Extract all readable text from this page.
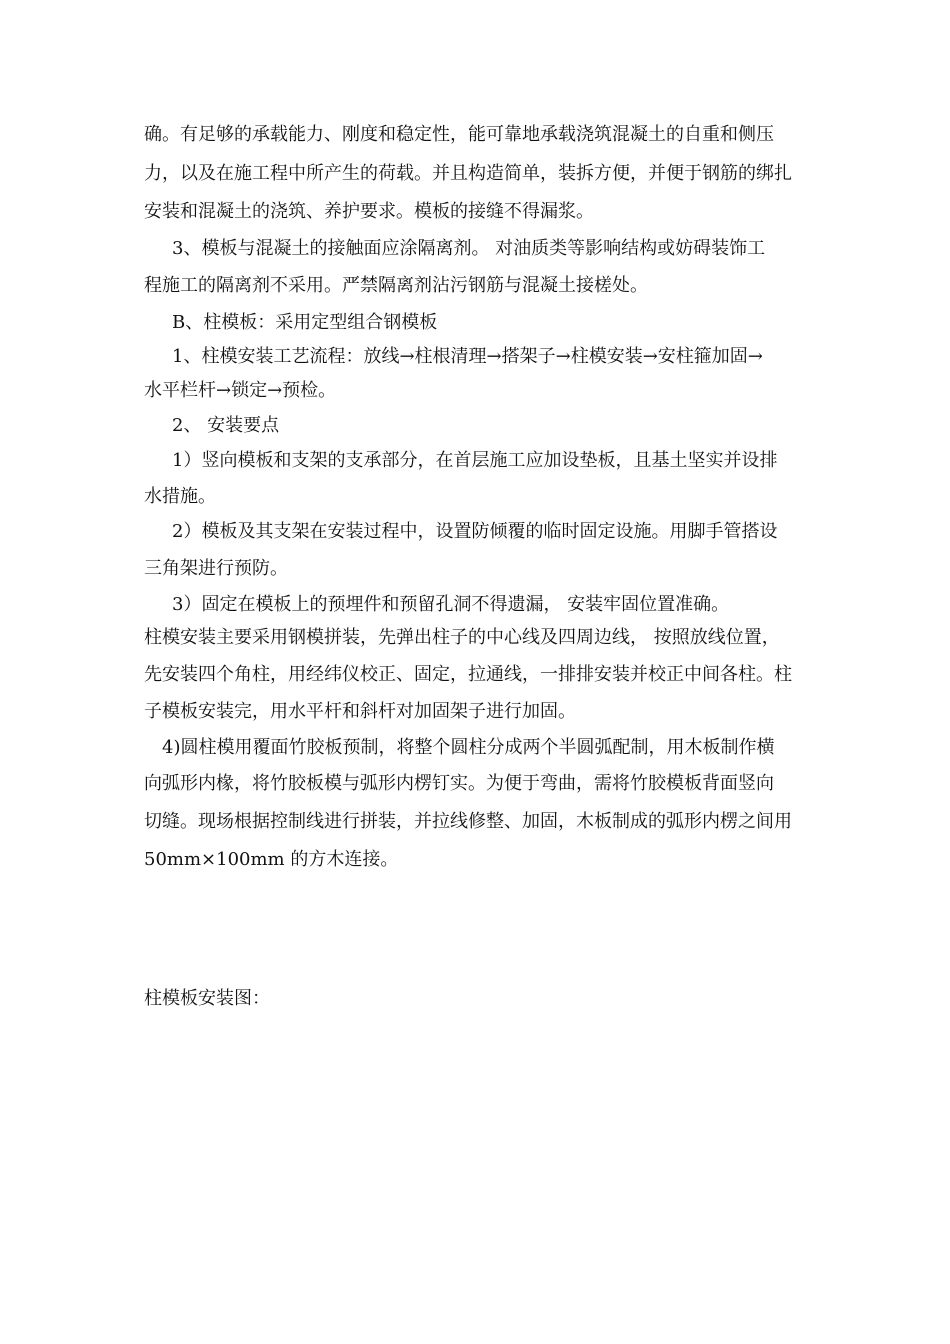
确。有足够的承载能力、刚度和稳定性，能可靠地承载浇筑混凝土的自重和侧压
力，以及在施工程中所产生的荷载。并且构造简单，装拆方便，并便于钢筋的绑扎
安装和混凝土的浇筑、养护要求。模板的接缝不得漏浆。
3、模板与混凝土的接触面应涂隔离剂。 对油质类等影响结构或妨碍装饰工
程施工的隔离剂不采用。严禁隔离剂沾污钢筋与混凝土接槎处。
B、柱模板：采用定型组合钢模板
1、柱模安装工艺流程：放线→柱根清理→搭架子→柱模安装→安柱箍加固→
水平栏杆→锁定→预检。
2、 安装要点
1）竖向模板和支架的支承部分，在首层施工应加设垫板，且基土坚实并设排
水措施。
2）模板及其支架在安装过程中，设置防倾覆的临时固定设施。用脚手管搭设
三角架进行预防。
3）固定在模板上的预埋件和预留孔洞不得遗漏， 安装牢固位置准确。
柱模安装主要采用钢模拼装，先弹出柱子的中心线及四周边线， 按照放线位置，
先安装四个角柱，用经纬仪校正、固定，拉通线，一排排安装并校正中间各柱。柱
子模板安装完，用水平杆和斜杆对加固架子进行加固。
4)圆柱模用覆面竹胶板预制，将整个圆柱分成两个半圆弧配制，用木板制作横
向弧形内椽，将竹胶板模与弧形内楞钉实。为便于弯曲，需将竹胶模板背面竖向
切缝。现场根据控制线进行拼装，并拉线修整、加固，木板制成的弧形内楞之间用
50mm×100mm 的方木连接。
柱模板安装图：
